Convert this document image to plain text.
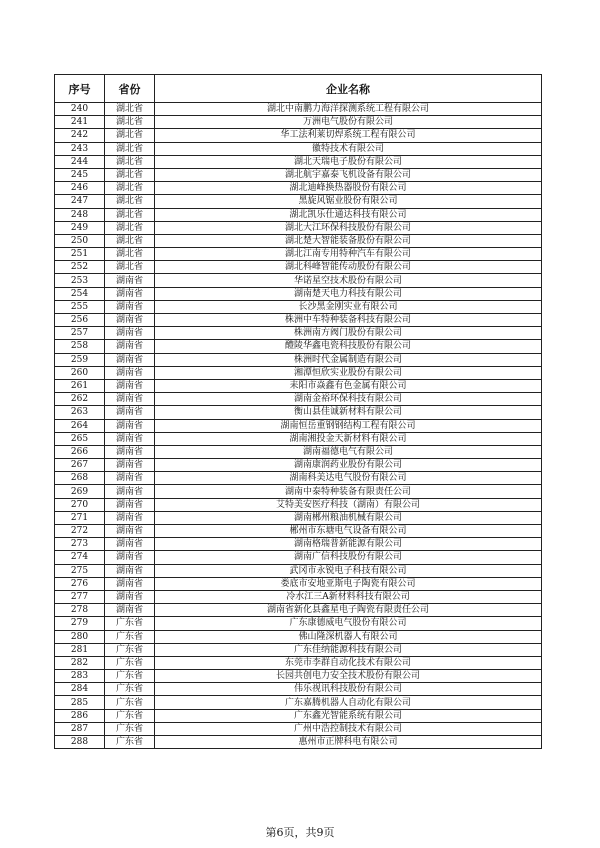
序号	省份	企业名称
240	湖北省	湖北中南鹏力海洋探测系统工程有限公司
241	湖北省	万洲电气股份有限公司
242	湖北省	华工法利莱切焊系统工程有限公司
243	湖北省	徽特技术有限公司
244	湖北省	湖北天瑞电子股份有限公司
245	湖北省	湖北航宇嘉泰飞机设备有限公司
246	湖北省	湖北迪峰换热器股份有限公司
247	湖北省	黑旋风锯业股份有限公司
248	湖北省	湖北凯乐仕通达科技有限公司
249	湖北省	湖北大江环保科技股份有限公司
250	湖北省	湖北楚大智能装备股份有限公司
251	湖北省	湖北江南专用特种汽车有限公司
252	湖北省	湖北科峰智能传动股份有限公司
253	湖南省	华诺星空技术股份有限公司
254	湖南省	湖南楚天电力科技有限公司
255	湖南省	长沙黑金刚实业有限公司
256	湖南省	株洲中车特种装备科技有限公司
257	湖南省	株洲南方阀门股份有限公司
258	湖南省	醴陵华鑫电瓷科技股份有限公司
259	湖南省	株洲时代金属制造有限公司
260	湖南省	湘潭恒欣实业股份有限公司
261	湖南省	耒阳市焱鑫有色金属有限公司
262	湖南省	湖南金裕环保科技有限公司
263	湖南省	衡山县佳诚新材料有限公司
264	湖南省	湖南恒岳重钢钢结构工程有限公司
265	湖南省	湖南湘投金天新材料有限公司
266	湖南省	湖南福德电气有限公司
267	湖南省	湖南康润药业股份有限公司
268	湖南省	湖南科美达电气股份有限公司
269	湖南省	湖南中泰特种装备有限责任公司
270	湖南省	艾特美安医疗科技（湖南）有限公司
271	湖南省	湖南郴州粮油机械有限公司
272	湖南省	郴州市东塘电气设备有限公司
273	湖南省	湖南格瑞普新能源有限公司
274	湖南省	湖南广信科技股份有限公司
275	湖南省	武冈市永锐电子科技有限公司
276	湖南省	娄底市安地亚斯电子陶瓷有限公司
277	湖南省	冷水江三A新材料科技有限公司
278	湖南省	湖南省新化县鑫星电子陶瓷有限责任公司
279	广东省	广东康德威电气股份有限公司
280	广东省	佛山隆深机器人有限公司
281	广东省	广东佳纳能源科技有限公司
282	广东省	东莞市李群自动化技术有限公司
283	广东省	长园共创电力安全技术股份有限公司
284	广东省	伟乐视讯科技股份有限公司
285	广东省	广东嘉腾机器人自动化有限公司
286	广东省	广东鑫光智能系统有限公司
287	广东省	广州中浩控制技术有限公司
288	广东省	惠州市正牌科电有限公司
第6页，共9页
